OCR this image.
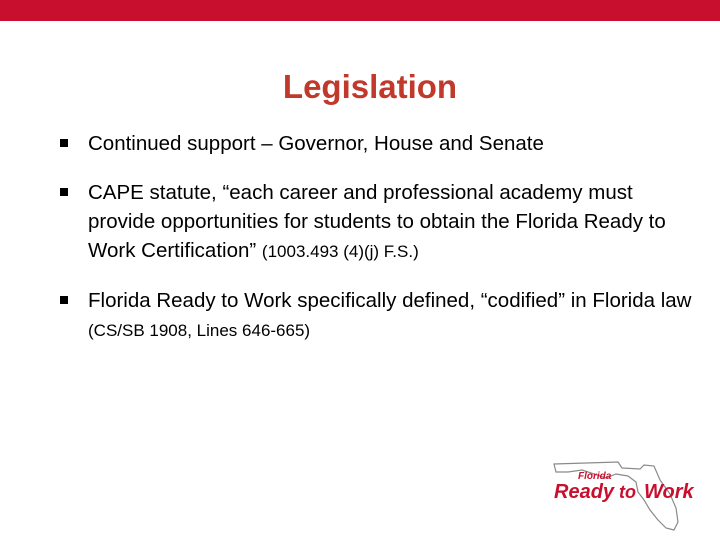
Legislation
Continued support – Governor, House and Senate
CAPE statute, “each career and professional academy must provide opportunities for students to obtain the Florida Ready to Work Certification” (1003.493 (4)(j) F.S.)
Florida Ready to Work specifically defined, “codified” in Florida law (CS/SB 1908, Lines 646-665)
Florida
Ready to Work
